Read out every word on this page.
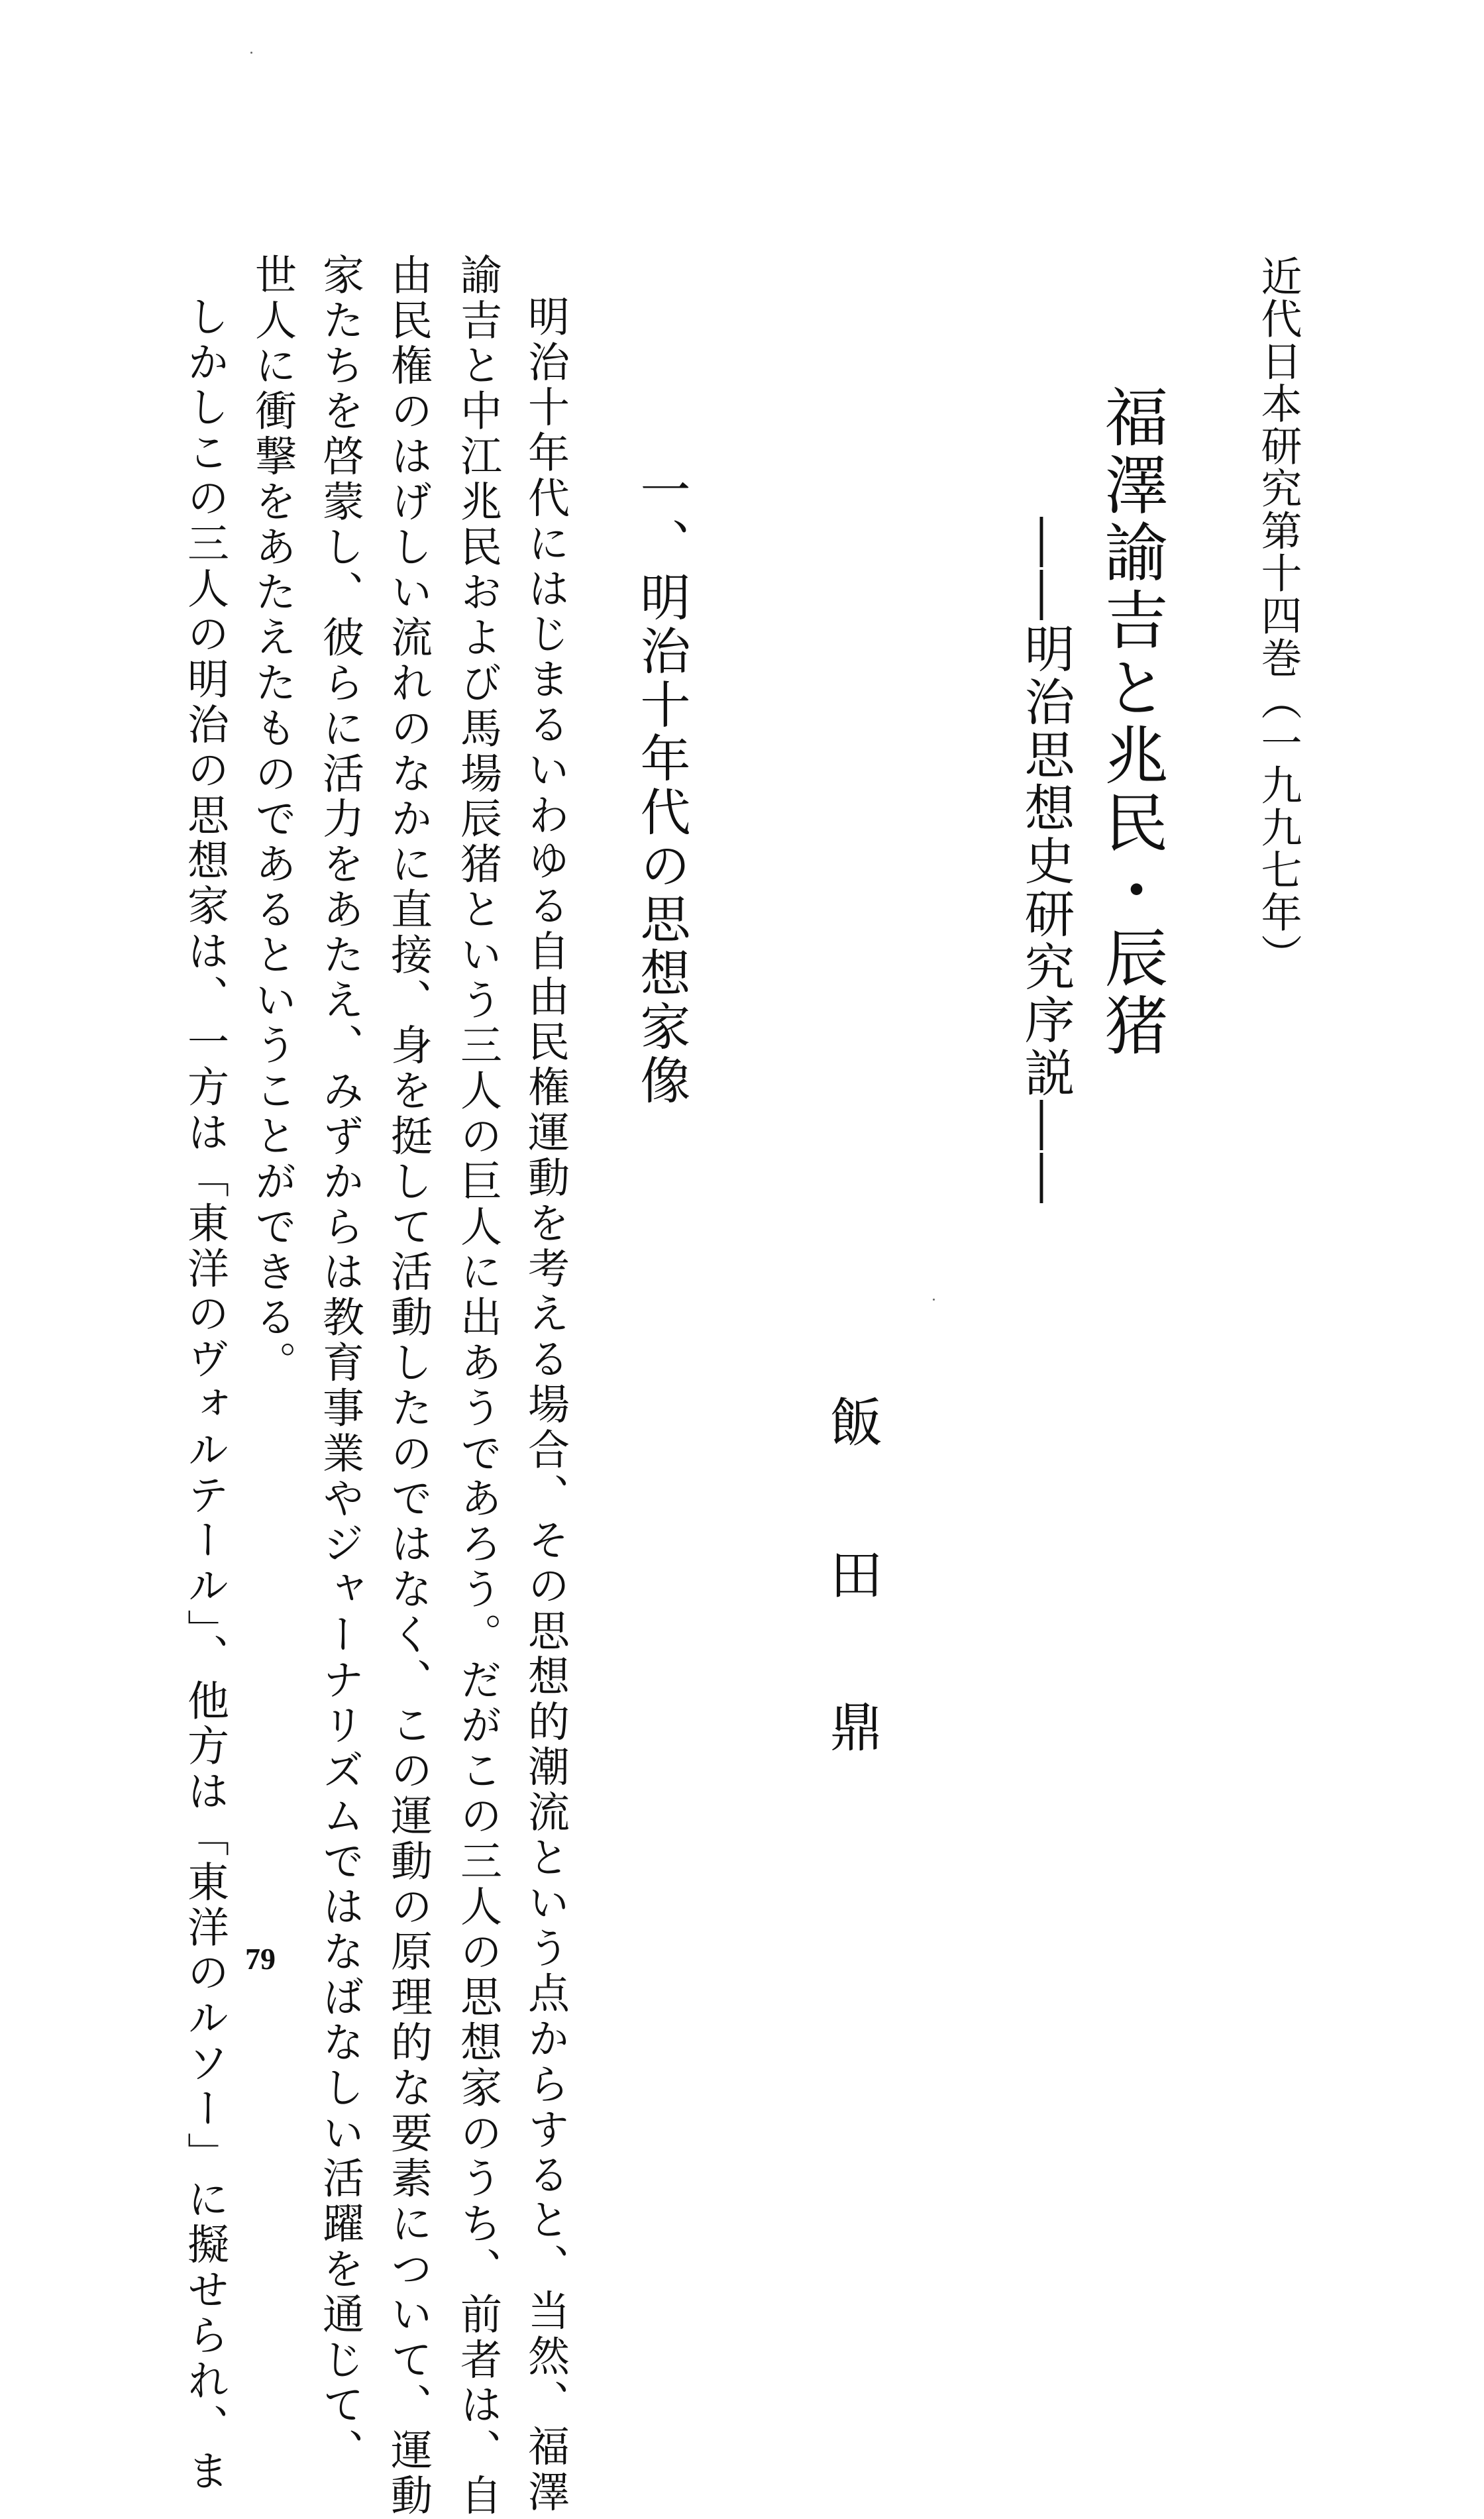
近代日本研究第十四巻（一九九七年）
福澤諭吉と兆民・辰猪
――明治思想史研究序説――
飯田鼎
一、明治十年代の思想家像
明治十年代にはじまるいわゆる自由民権運動を考える場合、その思想的潮流という点からすると、当然、福澤
諭吉と中江兆民および馬場辰猪という三人の巨人に出あうであろう。だがこの三人の思想家のうち、前者は、自
由民権のはげしい流れのなかに直接、身を挺して活動したのではなく、この運動の原理的な要素について、運動
家たちを啓蒙し、彼らに活力をあたえ、みずからは教育事業やジャーナリズムではなばなしい活躍を通じて、
世人に衝撃をあたえたものであるということができる。
しかしこの三人の明治の思想家は、一方は「東洋のヴォルテール」、他方は「東洋のルソー」に擬せられ、ま 79
